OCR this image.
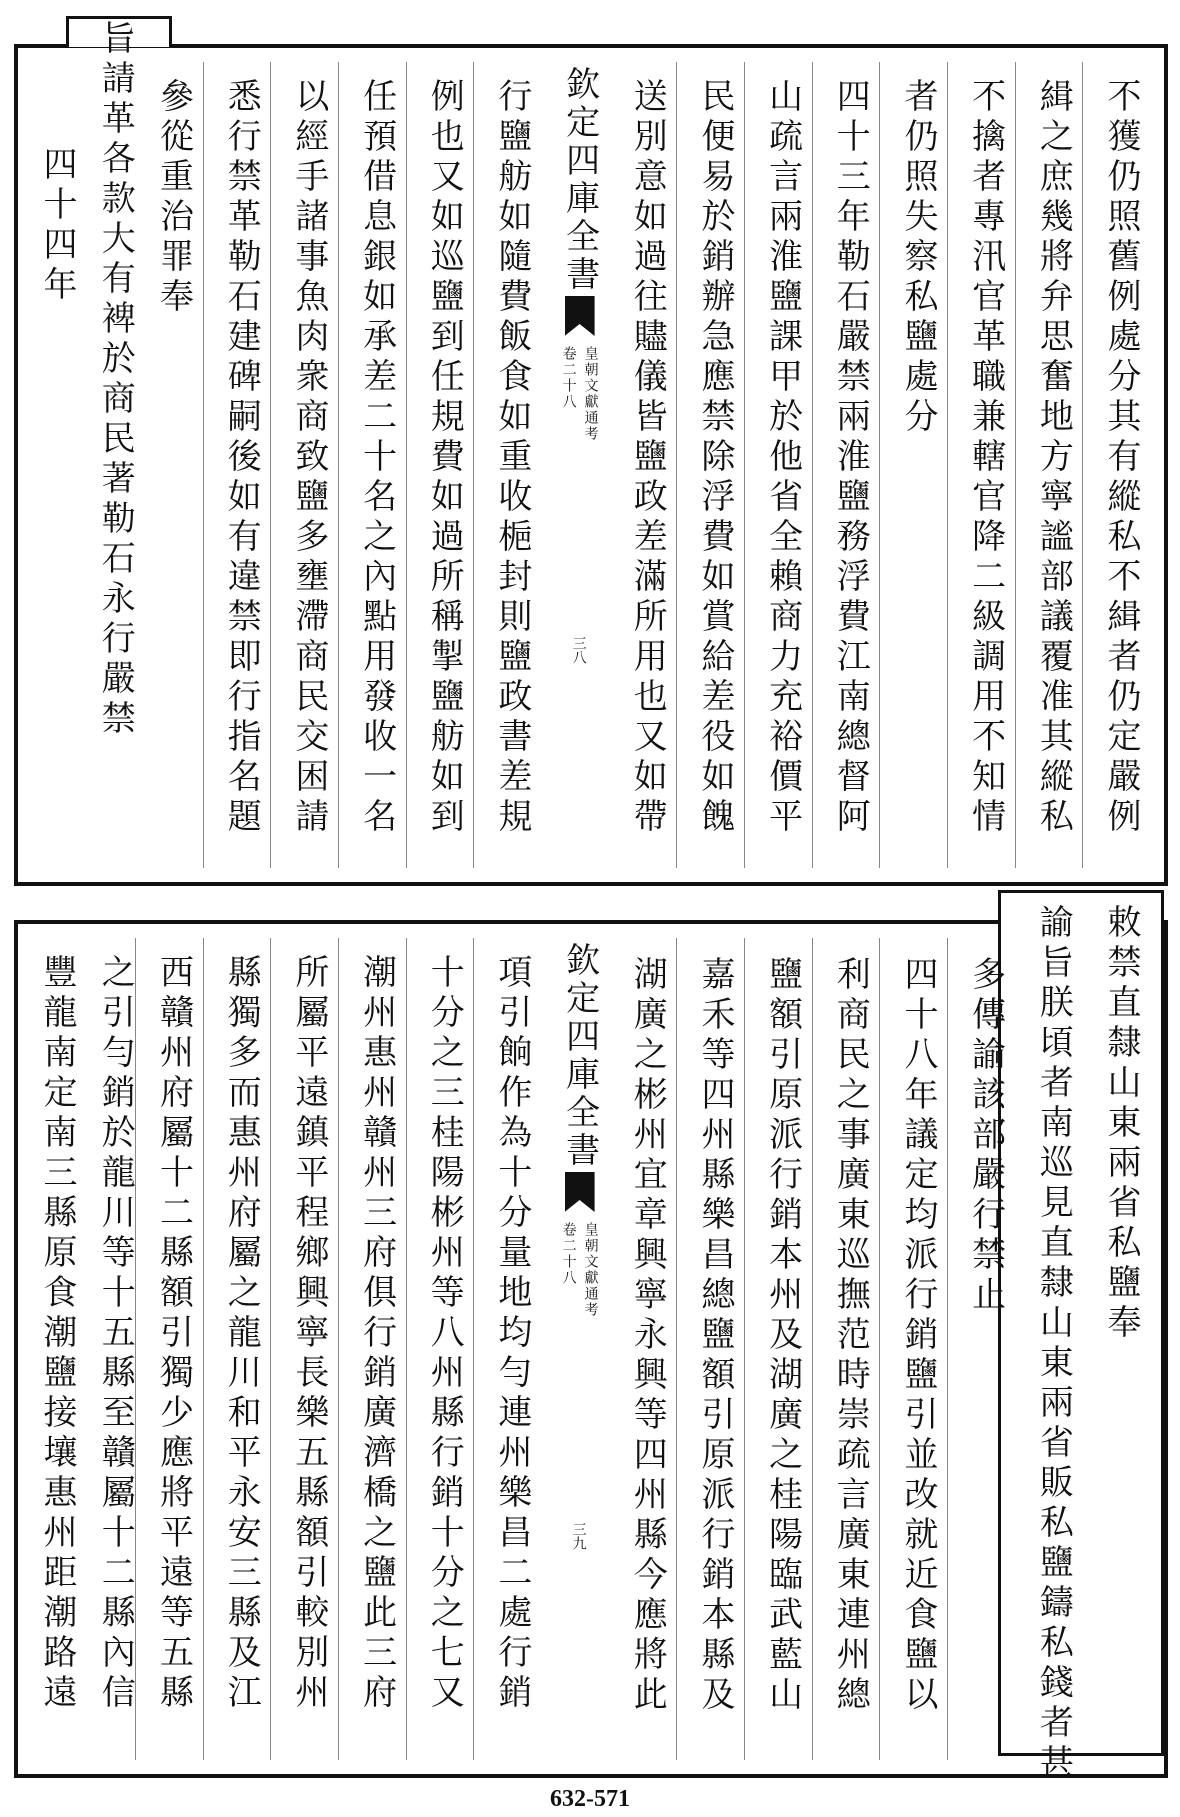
不獲仍照舊例處分其有縱私不緝者仍定嚴例
緝之庶幾將弁思奮地方寧謐部議覆准其縱私
不擒者專汛官革職兼轄官降二級調用不知情
者仍照失察私鹽處分
四十三年勒石嚴禁兩淮鹽務浮費江南總督阿
山疏言兩淮鹽課甲於他省全賴商力充裕價平
民便易於銷辦急應禁除浮費如賞給差役如餽
送別意如過往贐儀皆鹽政差滿所用也又如帶
欽定四庫全書
皇朝文獻通考
卷二十八
三八
行鹽舫如隨費飯食如重收梔封則鹽政書差規
例也又如巡鹽到任規費如過所稱掣鹽舫如到
任預借息銀如承差二十名之內點用發收一名
以經手諸事魚肉衆商致鹽多壅滯商民交困請
悉行禁革勒石建碑嗣後如有違禁即行指名題
參從重治罪奉
旨請革各款大有裨於商民著勒石永行嚴禁
四十四年
敕禁直隸山東兩省私鹽奉
諭旨朕頃者南巡見直隸山東兩省販私鹽鑄私錢者甚
多傳諭該部嚴行禁止
四十八年議定均派行銷鹽引並改就近食鹽以
利商民之事廣東巡撫范時崇疏言廣東連州總
鹽額引原派行銷本州及湖廣之桂陽臨武藍山
嘉禾等四州縣樂昌總鹽額引原派行銷本縣及
湖廣之彬州宜章興寧永興等四州縣今應將此
欽定四庫全書
皇朝文獻通考
卷二十八
三九
項引餉作為十分量地均勻連州樂昌二處行銷
十分之三桂陽彬州等八州縣行銷十分之七又
潮州惠州贛州三府俱行銷廣濟橋之鹽此三府
所屬平遠鎮平程鄉興寧長樂五縣額引較別州
縣獨多而惠州府屬之龍川和平永安三縣及江
西贛州府屬十二縣額引獨少應將平遠等五縣
之引勻銷於龍川等十五縣至贛屬十二縣內信
豐龍南定南三縣原食潮鹽接壤惠州距潮路遠
632-571
